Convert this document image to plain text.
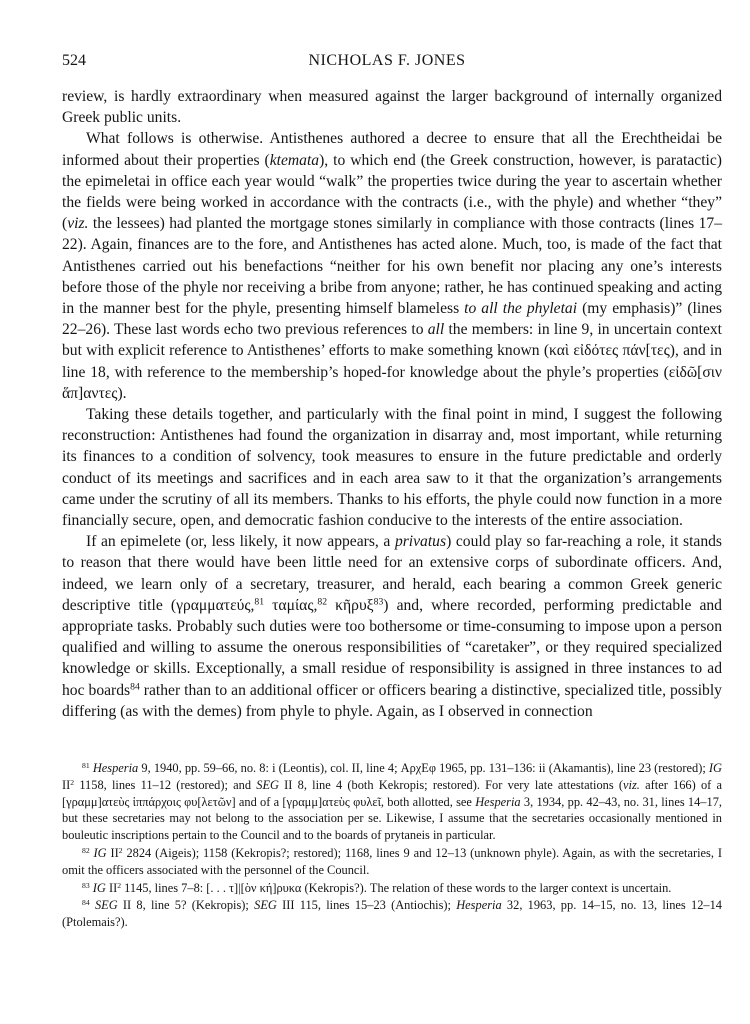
524	NICHOLAS F. JONES

review, is hardly extraordinary when measured against the larger background of internally organized Greek public units.

What follows is otherwise. Antisthenes authored a decree to ensure that all the Erechtheidai be informed about their properties (ktemata), to which end (the Greek construction, however, is paratactic) the epimeletai in office each year would “walk” the properties twice during the year to ascertain whether the fields were being worked in accordance with the contracts (i.e., with the phyle) and whether “they” (viz. the lessees) had planted the mortgage stones similarly in compliance with those contracts (lines 17–22). Again, finances are to the fore, and Antisthenes has acted alone. Much, too, is made of the fact that Antisthenes carried out his benefactions “neither for his own benefit nor placing any one’s interests before those of the phyle nor receiving a bribe from anyone; rather, he has continued speaking and acting in the manner best for the phyle, presenting himself blameless to all the phyletai (my emphasis)” (lines 22–26). These last words echo two previous references to all the members: in line 9, in uncertain context but with explicit reference to Antisthenes’ efforts to make something known (καὶ εἰδότες πάν[τες), and in line 18, with reference to the membership’s hoped-for knowledge about the phyle’s properties (εἰδῶ[σιν ἅπ]αντες).

Taking these details together, and particularly with the final point in mind, I suggest the following reconstruction: Antisthenes had found the organization in disarray and, most important, while returning its finances to a condition of solvency, took measures to ensure in the future predictable and orderly conduct of its meetings and sacrifices and in each area saw to it that the organization’s arrangements came under the scrutiny of all its members. Thanks to his efforts, the phyle could now function in a more financially secure, open, and democratic fashion conducive to the interests of the entire association.

If an epimelete (or, less likely, it now appears, a privatus) could play so far-reaching a role, it stands to reason that there would have been little need for an extensive corps of subordinate officers. And, indeed, we learn only of a secretary, treasurer, and herald, each bearing a common Greek generic descriptive title (γραμματεύς,$^{81}$ ταμίας,$^{82}$ κῆρυξ$^{83}$) and, where recorded, performing predictable and appropriate tasks. Probably such duties were too bothersome or time-consuming to impose upon a person qualified and willing to assume the onerous responsibilities of “caretaker”, or they required specialized knowledge or skills. Exceptionally, a small residue of responsibility is assigned in three instances to ad hoc boards$^{84}$ rather than to an additional officer or officers bearing a distinctive, specialized title, possibly differing (as with the demes) from phyle to phyle. Again, as I observed in connection

$^{81}$ Hesperia 9, 1940, pp. 59–66, no. 8: i (Leontis), col. II, line 4; ΑρχΕφ 1965, pp. 131–136: ii (Akamantis), line 23 (restored); IG $II^2$ 1158, lines 11–12 (restored); and SEG II 8, line 4 (both Kekropis; restored). For very late attestations (viz. after 166) of a [γραμμ]ατεὺς ἱππάρχοις φυ[λετῶν] and of a [γραμμ]ατεὺς φυλεῖ, both allotted, see Hesperia 3, 1934, pp. 42–43, no. 31, lines 14–17, but these secretaries may not belong to the association per se. Likewise, I assume that the secretaries occasionally mentioned in bouleutic inscriptions pertain to the Council and to the boards of prytaneis in particular.

$^{82}$ IG $II^2$ 2824 (Aigeis); 1158 (Kekropis?; restored); 1168, lines 9 and 12–13 (unknown phyle). Again, as with the secretaries, I omit the officers associated with the personnel of the Council.

$^{83}$ IG $II^2$ 1145, lines 7–8: [. . . τ]|[ὸν κή]ρυκα (Kekropis?). The relation of these words to the larger context is uncertain.

$^{84}$ SEG II 8, line 5? (Kekropis); SEG III 115, lines 15–23 (Antiochis); Hesperia 32, 1963, pp. 14–15, no. 13, lines 12–14 (Ptolemais?).
